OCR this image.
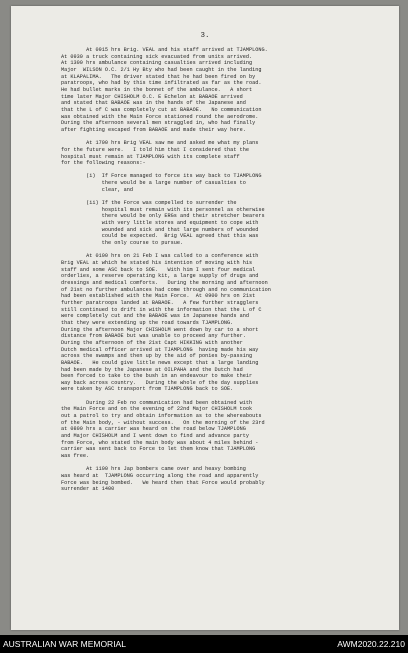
3.
At 0915 hrs Brig. VEAL and his staff arrived at TJAMPLONG.
At 0930 a truck containing sick evacuated from units arrived.
At 1300 hrs ambulance containing casualties arrived including
Major  WILSON O.C. 2/1 Hy Bty who had been caught in the landing
at KLAPALIMA.   The driver stated that he had been fired on by
paratroops, who had by this time infiltrated as far as the road.
He had bullet marks in the bonnet of the ambulance.   A short
time later Major CHISHOLM O.C. E Echelon at BABAOE arrived
and stated that BABAOE was in the hands of the Japanese and
that the L of C was completely cut at BABAOE.   No communication
was obtained with the Main Force stationed round the aerodrome.
During the afternoon several men straggled in, who had finally
after fighting escaped from BABAOE and made their way here.

At 1700 hrs Brig VEAL saw me and asked me what my plans
for the future were.   I told him that I considered that the
hospital must remain at TJAMPLONG with its complete staff
for the following reasons:-

(i)  If Force managed to force its way back to TJAMPLONG
there would be a large number of casualties to
clear, and

(ii) If the Force was compelled to surrender the
hospital must remain with its personnel as otherwise
there would be only ERGs and their stretcher bearers
with very little stores and equipment to cope with
wounded and sick and that large numbers of wounded
could be expected.  Brig VEAL agreed that this was
the only course to pursue.

At 0100 hrs on 21 Feb I was called to a conference with
Brig VEAL at which he stated his intention of moving with his
staff and some ASC back to SOE.   With him I sent four medical
orderlies, a reserve operating kit, a large supply of drugs and
dressings and medical comforts.   During the morning and afternoon
of 21st no further ambulances had come through and no communication
had been established with the Main Force.  At 0900 hrs on 21st
further paratroops landed at BABAOE.   A few further stragglers
still continued to drift in with the information that the L of C
were completely cut and the BABAOE was in Japanese hands and
that they were extending up the road towards TJAMPLONG.
During the afternoon Major CHISHOLM went down by car to a short
distance from BABAOE but was unable to proceed any further.
During the afternoon of the 21st Capt HIKKING with another
Dutch medical officer arrived at TJAMPLONG  having made his way
across the swamps and then up by the aid of ponies by-passing
BABAOE.   He could give little news except that a large landing
had been made by the Japanese at OILPAHA and the Dutch had
been forced to take to the bush in an endeavour to make their
way back across country.   During the whole of the day supplies
were taken by ASC transport from TJAMPLONG back to SOE.

During 22 Feb no communication had been obtained with
the Main Force and on the evening of 22nd Major CHISHOLM took
out a patrol to try and obtain information as to the whereabouts
of the Main body, - without success.   On the morning of the 23rd
at 0800 hrs a carrier was heard on the road below TJAMPLONG
and Major CHISHOLM and I went down to find and advance party
from Force, who stated the main body was about 4 miles behind -
carrier was sent back to Force to let them know that TJAMPLONG
was free.

At 1100 hrs Jap bombers came over and heavy bombing
was heard at  TJAMPLONG occurring along the road and apparently
Force was being bombed.   We heard then that Force would probably
surrender at 1400
AUSTRALIAN WAR MEMORIAL	AWM2020.22.210
